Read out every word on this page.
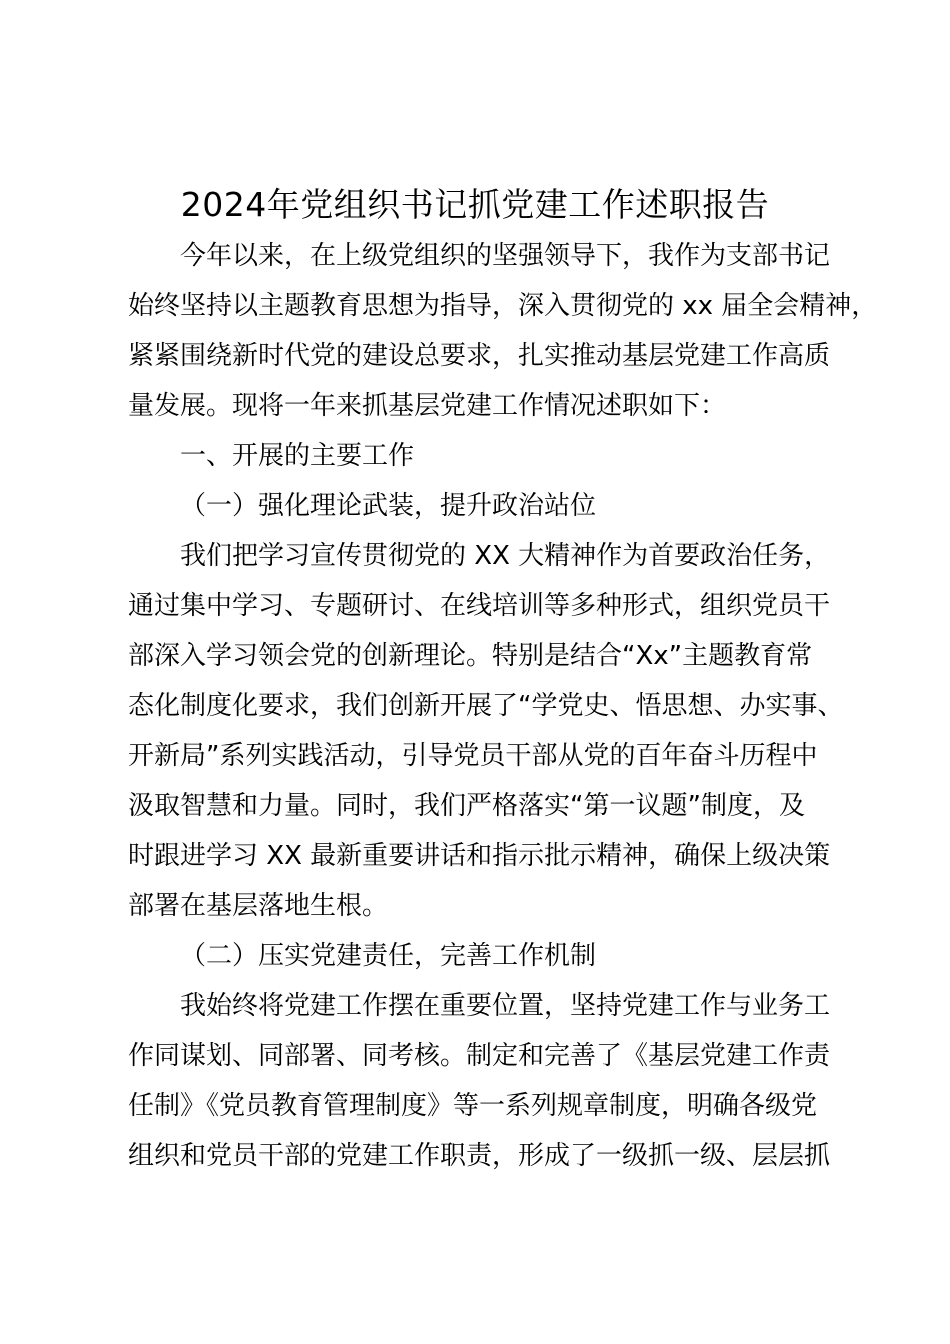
2024年党组织书记抓党建工作述职报告
今年以来，在上级党组织的坚强领导下，我作为支部书记
始终坚持以主题教育思想为指导，深入贯彻党的 xx 届全会精神，
紧紧围绕新时代党的建设总要求，扎实推动基层党建工作高质
量发展。现将一年来抓基层党建工作情况述职如下：
一、开展的主要工作
（一）强化理论武装，提升政治站位
我们把学习宣传贯彻党的 XX 大精神作为首要政治任务，
通过集中学习、专题研讨、在线培训等多种形式，组织党员干
部深入学习领会党的创新理论。特别是结合“Xx”主题教育常
态化制度化要求，我们创新开展了“学党史、悟思想、办实事、
开新局”系列实践活动，引导党员干部从党的百年奋斗历程中
汲取智慧和力量。同时，我们严格落实“第一议题”制度，及
时跟进学习 XX 最新重要讲话和指示批示精神，确保上级决策
部署在基层落地生根。
（二）压实党建责任，完善工作机制
我始终将党建工作摆在重要位置，坚持党建工作与业务工
作同谋划、同部署、同考核。制定和完善了《基层党建工作责
任制》《党员教育管理制度》等一系列规章制度，明确各级党
组织和党员干部的党建工作职责，形成了一级抓一级、层层抓
